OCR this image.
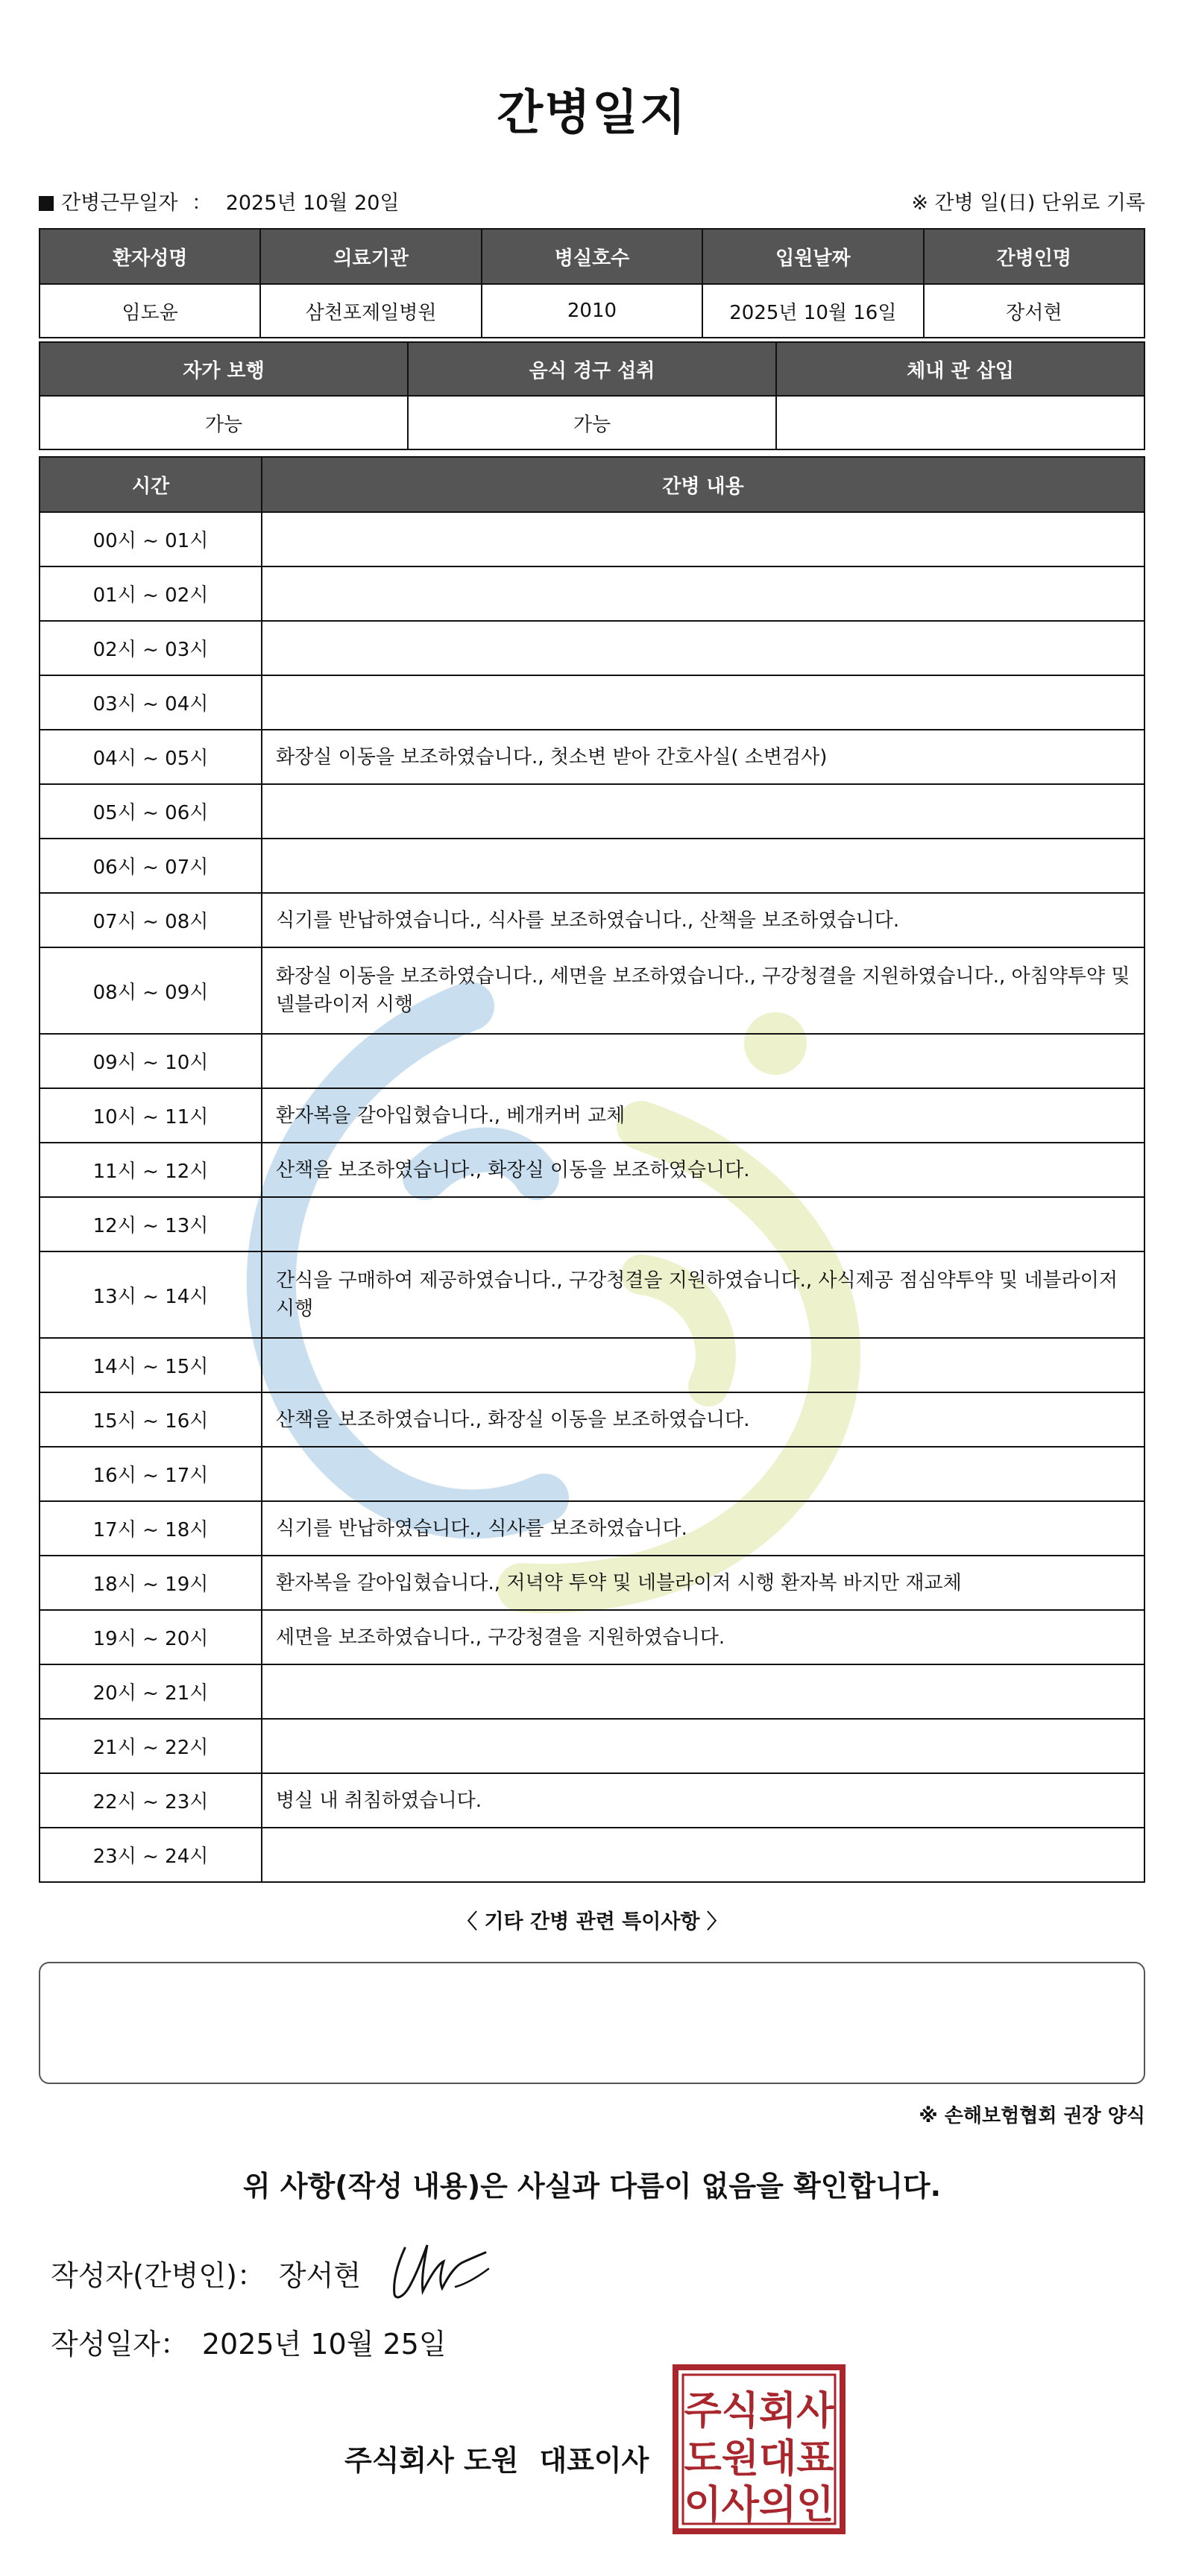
간병일지
간병근무일자 ： 2025년 10월 20일	※ 간병 일(日) 단위로 기록
환자성명	의료기관	병실호수	입원날짜	간병인명
임도윤	삼천포제일병원	2010	2025년 10월 16일	장서현
자가 보행	음식 경구 섭취	체내 관 삽입
가능	가능	
시간	간병 내용
00시 ~ 01시	
01시 ~ 02시	
02시 ~ 03시	
03시 ~ 04시	
04시 ~ 05시	화장실 이동을 보조하였습니다., 첫소변 받아 간호사실( 소변검사)
05시 ~ 06시	
06시 ~ 07시	
07시 ~ 08시	식기를 반납하였습니다., 식사를 보조하였습니다., 산책을 보조하였습니다.
08시 ~ 09시	화장실 이동을 보조하였습니다., 세면을 보조하였습니다., 구강청결을 지원하였습니다., 아침약투약 및 넬블라이저 시행
09시 ~ 10시	
10시 ~ 11시	환자복을 갈아입혔습니다., 베개커버 교체
11시 ~ 12시	산책을 보조하였습니다., 화장실 이동을 보조하였습니다.
12시 ~ 13시	
13시 ~ 14시	간식을 구매하여 제공하였습니다., 구강청결을 지원하였습니다., 사식제공 점심약투약 및 네블라이저 시행
14시 ~ 15시	
15시 ~ 16시	산책을 보조하였습니다., 화장실 이동을 보조하였습니다.
16시 ~ 17시	
17시 ~ 18시	식기를 반납하였습니다., 식사를 보조하였습니다.
18시 ~ 19시	환자복을 갈아입혔습니다., 저녁약 투약 및 네블라이저 시행 환자복 바지만 재교체
19시 ~ 20시	세면을 보조하였습니다., 구강청결을 지원하였습니다.
20시 ~ 21시	
21시 ~ 22시	
22시 ~ 23시	병실 내 취침하였습니다.
23시 ~ 24시	
〈 기타 간병 관련 특이사항 〉
※ 손해보험협회 권장 양식
위 사항(작성 내용)은 사실과 다름이 없음을 확인합니다.
작성자(간병인)： 장서현
작성일자： 2025년 10월 25일
주식회사 도원 대표이사
주식회사
도원대표
이사의인
